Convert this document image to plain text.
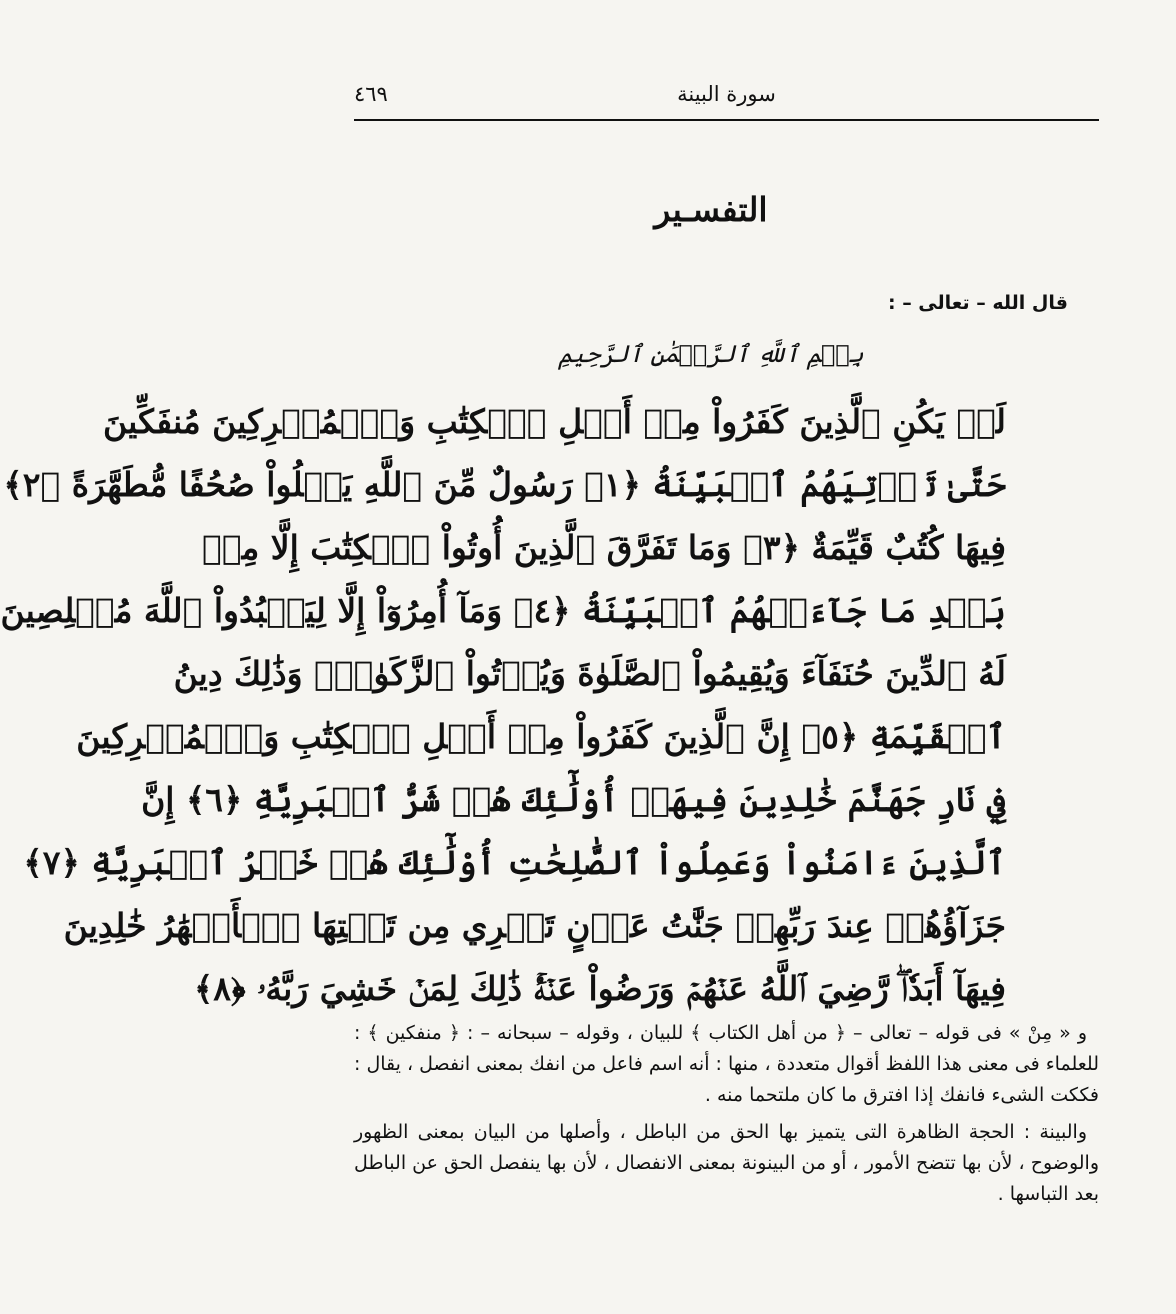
٤٦٩	سورة البينة
التفسـير
قال الله – تعالى – :
بِسۡمِ ٱللَّهِ ٱلرَّحۡمَٰنِ ٱلرَّحِيمِ
لَمۡ يَكُنِ ٱلَّذِينَ كَفَرُواْ مِنۡ أَهۡلِ ٱلۡكِتَٰبِ وَٱلۡمُشۡرِكِينَ مُنفَكِّينَ
حَتَّىٰ تَأۡتِيَهُمُ ٱلۡبَيِّنَةُ ﴿١﴾ رَسُولٌ مِّنَ ٱللَّهِ يَتۡلُواْ صُحُفًا مُّطَهَّرَةً ﴿٢﴾
فِيهَا كُتُبٌ قَيِّمَةٌ ﴿٣﴾ وَمَا تَفَرَّقَ ٱلَّذِينَ أُوتُواْ ٱلۡكِتَٰبَ إِلَّا مِنۢ
بَعۡدِ مَا جَآءَتۡهُمُ ٱلۡبَيِّنَةُ ﴿٤﴾ وَمَآ أُمِرُوٓاْ إِلَّا لِيَعۡبُدُواْ ٱللَّهَ مُخۡلِصِينَ
لَهُ ٱلدِّينَ حُنَفَآءَ وَيُقِيمُواْ ٱلصَّلَوٰةَ وَيُؤۡتُواْ ٱلزَّكَوٰةَۚ وَذَٰلِكَ دِينُ
ٱلۡقَيِّمَةِ ﴿٥﴾ إِنَّ ٱلَّذِينَ كَفَرُواْ مِنۡ أَهۡلِ ٱلۡكِتَٰبِ وَٱلۡمُشۡرِكِينَ
فِي نَارِ جَهَنَّمَ خَٰلِدِينَ فِيهَآۚ أُوْلَٰٓئِكَ هُمۡ شَرُّ ٱلۡبَرِيَّةِ ﴿٦﴾ إِنَّ
ٱلَّذِينَ ءَامَنُواْ وَعَمِلُواْ ٱلصَّٰلِحَٰتِ أُوْلَٰٓئِكَ هُمۡ خَيۡرُ ٱلۡبَرِيَّةِ ﴿٧﴾
جَزَآؤُهُمۡ عِندَ رَبِّهِمۡ جَنَّٰتُ عَدۡنٍ تَجۡرِي مِن تَحۡتِهَا ٱلۡأَنۡهَٰرُ خَٰلِدِينَ
فِيهَآ أَبَدٗاۖ رَّضِيَ ٱللَّهُ عَنۡهُمۡ وَرَضُواْ عَنۡهُۚ ذَٰلِكَ لِمَنۡ خَشِيَ رَبَّهُۥ ﴿٨﴾

و « مِنْ » فى قوله – تعالى – ﴿ من أهل الكتاب ﴾ للبيان ، وقوله – سبحانه – : ﴿ منفكين ﴾ : للعلماء فى معنى هذا اللفظ أقوال متعددة ، منها : أنه اسم فاعل من انفك بمعنى انفصل ، يقال : فككت الشىء فانفك إذا افترق ما كان ملتحما منه .

والبينة : الحجة الظاهرة التى يتميز بها الحق من الباطل ، وأصلها من البيان بمعنى الظهور والوضوح ، لأن بها تتضح الأمور ، أو من البينونة بمعنى الانفصال ، لأن بها ينفصل الحق عن الباطل بعد التباسها .
